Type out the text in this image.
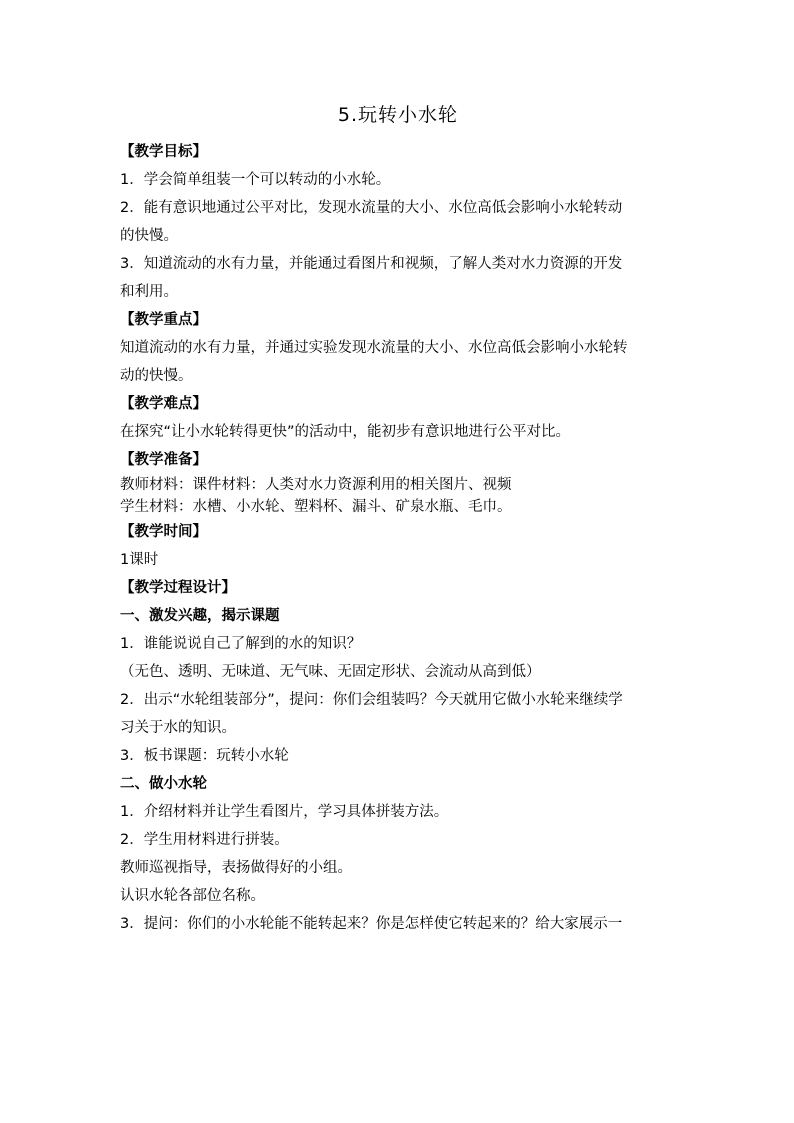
5.玩转小水轮
【教学目标】
1．学会简单组装一个可以转动的小水轮。
2．能有意识地通过公平对比，发现水流量的大小、水位高低会影响小水轮转动
的快慢。
3．知道流动的水有力量，并能通过看图片和视频，了解人类对水力资源的开发
和利用。
【教学重点】
知道流动的水有力量，并通过实验发现水流量的大小、水位高低会影响小水轮转
动的快慢。
【教学难点】
在探究“让小水轮转得更快”的活动中，能初步有意识地进行公平对比。
【教学准备】
教师材料：课件材料：人类对水力资源利用的相关图片、视频
学生材料：水槽、小水轮、塑料杯、漏斗、矿泉水瓶、毛巾。
【教学时间】
1课时
【教学过程设计】
一、激发兴趣，揭示课题
1．谁能说说自己了解到的水的知识？
（无色、透明、无味道、无气味、无固定形状、会流动从高到低）
2．出示“水轮组装部分”，提问：你们会组装吗？今天就用它做小水轮来继续学
习关于水的知识。
3．板书课题：玩转小水轮
二、做小水轮
1．介绍材料并让学生看图片，学习具体拼装方法。
2．学生用材料进行拼装。
教师巡视指导，表扬做得好的小组。
认识水轮各部位名称。
3．提问：你们的小水轮能不能转起来？你是怎样使它转起来的？给大家展示一
